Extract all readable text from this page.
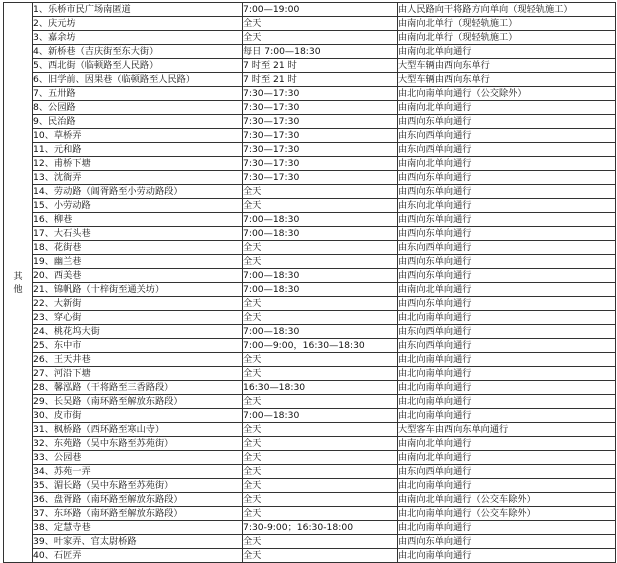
其
他	1、乐桥市民广场南匿道	7:00—19:00	由人民路向干将路方向单向（现轻轨施工）
	2、庆元坊	全天	由南向北单行（现轻轨施工）
	3、嘉余坊	全天	由南向北单行（现轻轨施工）
	4、新桥巷（吉庆街至东大街）	每日 7:00—18:30	由南向北单向通行
	5、西北街（临顿路至人民路）	7 时至 21 时	大型车辆由西向东单行
	6、旧学前、因果巷（临顿路至人民路）	7 时至 21 时	大型车辆由西向东单行
	7、五卅路	7:30—17:30	由北向南单向通行（公交除外）
	8、公园路	7:30—17:30	由南向北单向通行
	9、民治路	7:30—17:30	由西向东单向通行
	10、草桥弄	7:30—17:30	由东向西单向通行
	11、元和路	7:30—17:30	由东向西单向通行
	12、甫桥下塘	7:30—17:30	由南向北单向通行
	13、沈衙弄	7:30—17:30	由西向东单向通行
	14、劳动路（阊胥路至小劳动路段）	全天	由西向东单向通行
	15、小劳动路	全天	由东向北单向通行
	16、柳巷	7:00—18:30	由西向东单向通行
	17、大石头巷	7:00—18:30	由西向东单向通行
	18、花街巷	全天	由东向西单向通行
	19、幽兰巷	全天	由西向东单向通行
	20、西美巷	7:00—18:30	由西向东单向通行
	21、锦帆路（十梓街至通关坊）	7:00—18:30	由南向北单向通行
	22、大新街	全天	由西向东单向通行
	23、穿心街	全天	由北向南单向通行
	24、桃花坞大街	7:00—18:30	由东向西单向通行
	25、东中市	7:00—9:00，16:30—18:30	由东向西单向通行
	26、王天井巷	全天	由北向南单向通行
	27、河沿下塘	全天	由北向南单向通行
	28、馨泓路（干将路至三香路段）	16:30—18:30	由北向南单向通行
	29、长吴路（南环路至解放东路段）	全天	由北向南单向通行
	30、皮市街	7:00—18:30	由北向南单向通行
	31、枫桥路（西环路至寒山寺）	全天	大型客车由西向东单向通行
	32、东苑路（吴中东路至苏苑街）	全天	由南向北单向通行
	33、公园巷	全天	由南向北单向通行
	34、苏苑一弄	全天	由东向西单向通行
	35、湄长路（吴中东路至苏苑街）	全天	由北向南单向通行
	36、盘胥路（南环路至解放东路段）	全天	由南向北单向通行（公交车除外）
	37、东环路（南环路至解放东路段）	全天	由北向南单向通行（公交车除外）
	38、定慧寺巷	7:30-9:00；16:30-18:00	由北向南单向通行
	39、叶家弄、官太尉桥路	全天	由西向东单向通行
	40、石匠弄	全天	由北向南单向通行
